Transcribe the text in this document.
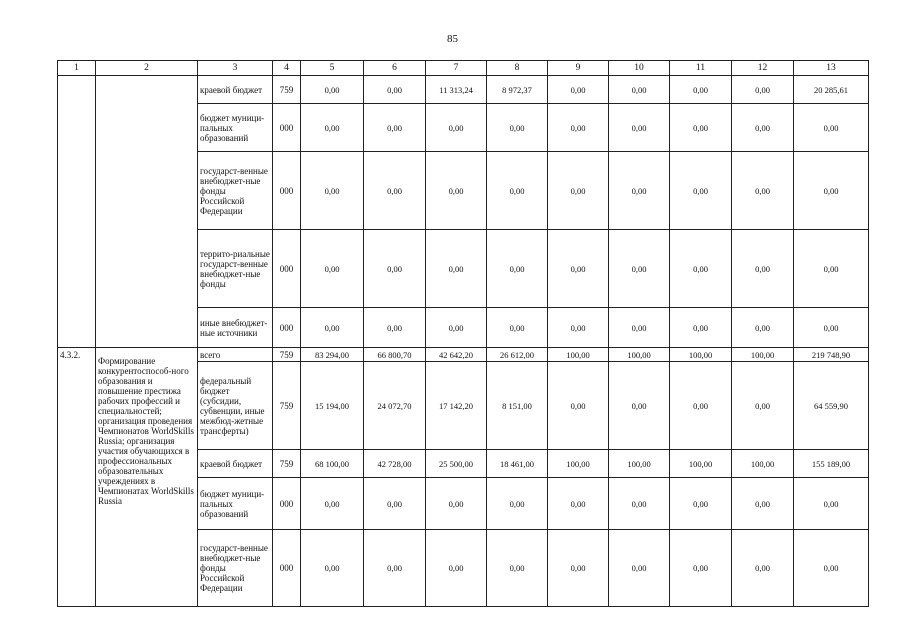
85
1	2	3	4	5	6	7	8	9	10	11	12	13
		краевой бюджет	759	0,00	0,00	11 313,24	8 972,37	0,00	0,00	0,00	0,00	20 285,61
		бюджет муници-пальных образований	000	0,00	0,00	0,00	0,00	0,00	0,00	0,00	0,00	0,00
		государст-венные внебюджет-ные фонды Российской Федерации	000	0,00	0,00	0,00	0,00	0,00	0,00	0,00	0,00	0,00
		террито-риальные государст-венные внебюджет-ные фонды	000	0,00	0,00	0,00	0,00	0,00	0,00	0,00	0,00	0,00
		иные внебюджет-ные источники	000	0,00	0,00	0,00	0,00	0,00	0,00	0,00	0,00	0,00
4.3.2.	Формирование конкурентоспособ-ного образования и повышение престижа рабочих профессий и специальностей; организация проведения Чемпионатов WorldSkills Russia; организация участия обучающихся в профессиональных образовательных учреждениях в Чемпионатах WorldSkills Russia	всего	759	83 294,00	66 800,70	42 642,20	26 612,00	100,00	100,00	100,00	100,00	219 748,90
		федеральный бюджет (субсидии, субвенции, иные межбюд-жетные трансферты)	759	15 194,00	24 072,70	17 142,20	8 151,00	0,00	0,00	0,00	0,00	64 559,90
		краевой бюджет	759	68 100,00	42 728,00	25 500,00	18 461,00	100,00	100,00	100,00	100,00	155 189,00
		бюджет муници-пальных образований	000	0,00	0,00	0,00	0,00	0,00	0,00	0,00	0,00	0,00
		государст-венные внебюджет-ные фонды Российской Федерации	000	0,00	0,00	0,00	0,00	0,00	0,00	0,00	0,00	0,00
